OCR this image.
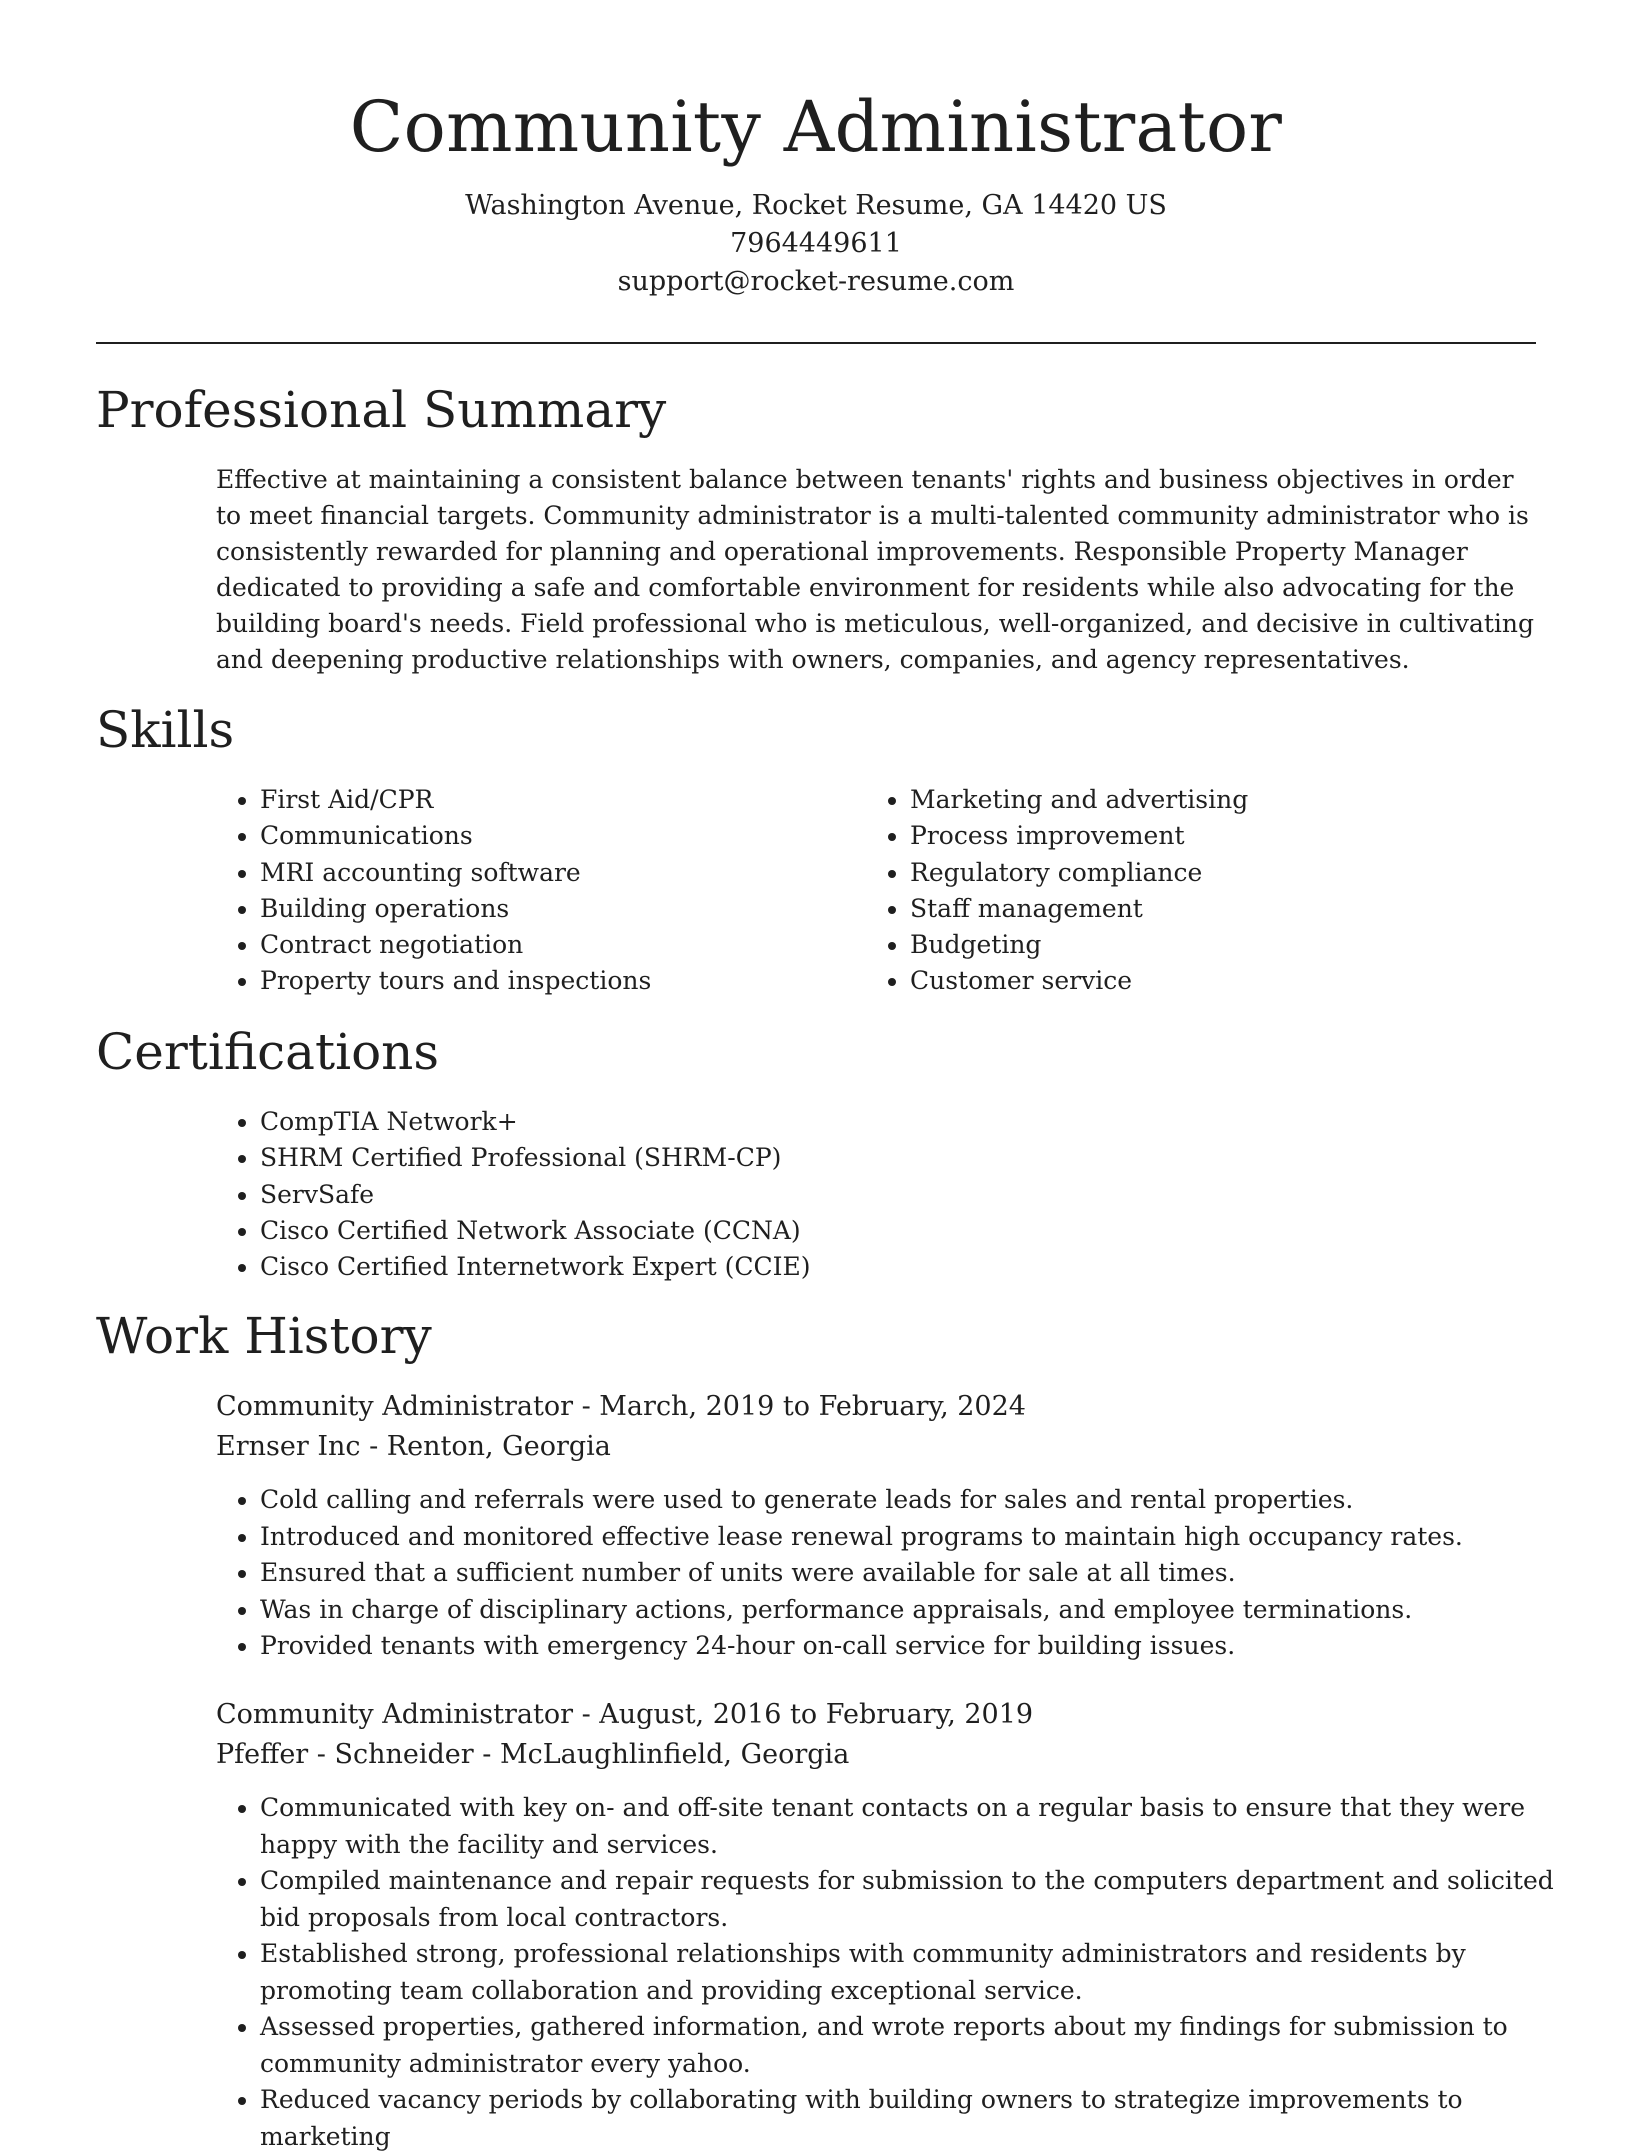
Community Administrator

Washington Avenue, Rocket Resume, GA 14420 US

7964449611

support@rocket-resume.com

Professional Summary

Effective at maintaining a consistent balance between tenants' rights and business objectives in order to meet financial targets. Community administrator is a multi-talented community administrator who is consistently rewarded for planning and operational improvements. Responsible Property Manager dedicated to providing a safe and comfortable environment for residents while also advocating for the building board's needs. Field professional who is meticulous, well-organized, and decisive in cultivating and deepening productive relationships with owners, companies, and agency representatives.

Skills
• First Aid/CPR
• Communications
• MRI accounting software
• Building operations
• Contract negotiation
• Property tours and inspections
• Marketing and advertising
• Process improvement
• Regulatory compliance
• Staff management
• Budgeting
• Customer service
Certifications
• CompTIA Network+
• SHRM Certified Professional (SHRM-CP)
• ServSafe
• Cisco Certified Network Associate (CCNA)
• Cisco Certified Internetwork Expert (CCIE)
Work History

Community Administrator - March, 2019 to February, 2024

Ernser Inc - Renton, Georgia

• Cold calling and referrals were used to generate leads for sales and rental properties.
• Introduced and monitored effective lease renewal programs to maintain high occupancy rates.
• Ensured that a sufficient number of units were available for sale at all times.
• Was in charge of disciplinary actions, performance appraisals, and employee terminations.
• Provided tenants with emergency 24-hour on-call service for building issues.

Community Administrator - August, 2016 to February, 2019

Pfeffer - Schneider - McLaughlinfield, Georgia

• Communicated with key on- and off-site tenant contacts on a regular basis to ensure that they were happy with the facility and services.
• Compiled maintenance and repair requests for submission to the computers department and solicited bid proposals from local contractors.
• Established strong, professional relationships with community administrators and residents by promoting team collaboration and providing exceptional service.
• Assessed properties, gathered information, and wrote reports about my findings for submission to community administrator every yahoo.
• Reduced vacancy periods by collaborating with building owners to strategize improvements to marketing
